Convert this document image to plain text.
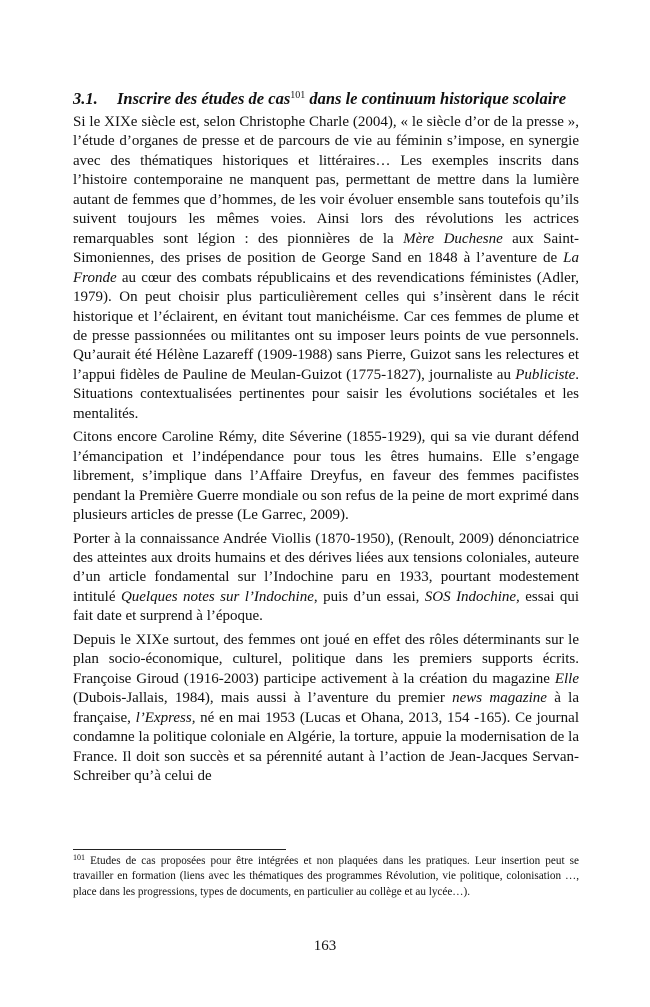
3.1.	Inscrire des études de cas$^{101}$ dans le continuum historique scolaire

Si le XIXe siècle est, selon Christophe Charle (2004), « le siècle d’or de la presse », l’étude d’organes de presse et de parcours de vie au féminin s’impose, en synergie avec des thématiques historiques et littéraires… Les exemples inscrits dans l’histoire contemporaine ne manquent pas, permettant de mettre dans la lumière autant de femmes que d’hommes, de les voir évoluer ensemble sans toutefois qu’ils suivent toujours les mêmes voies. Ainsi lors des révolutions les actrices remarquables sont légion : des pionnières de la Mère Duchesne aux Saint-Simoniennes, des prises de position de George Sand en 1848 à l’aventure de La Fronde au cœur des combats républicains et des revendications féministes (Adler, 1979). On peut choisir plus particulièrement celles qui s’insèrent dans le récit historique et l’éclairent, en évitant tout manichéisme. Car ces femmes de plume et de presse passionnées ou militantes ont su imposer leurs points de vue personnels. Qu’aurait été Hélène Lazareff (1909-1988) sans Pierre, Guizot sans les relectures et l’appui fidèles de Pauline de Meulan-Guizot (1775-1827), journaliste au Publiciste. Situations contextualisées pertinentes pour saisir les évolutions sociétales et les mentalités.

Citons encore Caroline Rémy, dite Séverine (1855-1929), qui sa vie durant défend l’émancipation et l’indépendance pour tous les êtres humains. Elle s’engage librement, s’implique dans l’Affaire Dreyfus, en faveur des femmes pacifistes pendant la Première Guerre mondiale ou son refus de la peine de mort exprimé dans plusieurs articles de presse (Le Garrec, 2009).

Porter à la connaissance Andrée Viollis (1870-1950), (Renoult, 2009) dénonciatrice des atteintes aux droits humains et des dérives liées aux tensions coloniales, auteure d’un article fondamental sur l’Indochine paru en 1933, pourtant modestement intitulé Quelques notes sur l’Indochine, puis d’un essai, SOS Indochine, essai qui fait date et surprend à l’époque.

Depuis le XIXe surtout, des femmes ont joué en effet des rôles déterminants sur le plan socio-économique, culturel, politique dans les premiers supports écrits. Françoise Giroud (1916-2003) participe activement à la création du magazine Elle (Dubois-Jallais, 1984), mais aussi à l’aventure du premier news magazine à la française, l’Express, né en mai 1953 (Lucas et Ohana, 2013, 154 -165). Ce journal condamne la politique coloniale en Algérie, la torture, appuie la modernisation de la France. Il doit son succès et sa pérennité autant à l’action de Jean-Jacques Servan-Schreiber qu’à celui de

$^{101}$ Etudes de cas proposées pour être intégrées et non plaquées dans les pratiques. Leur insertion peut se travailler en formation (liens avec les thématiques des programmes Révolution, vie politique, colonisation …, place dans les progressions, types de documents, en particulier au collège et au lycée…).
163
